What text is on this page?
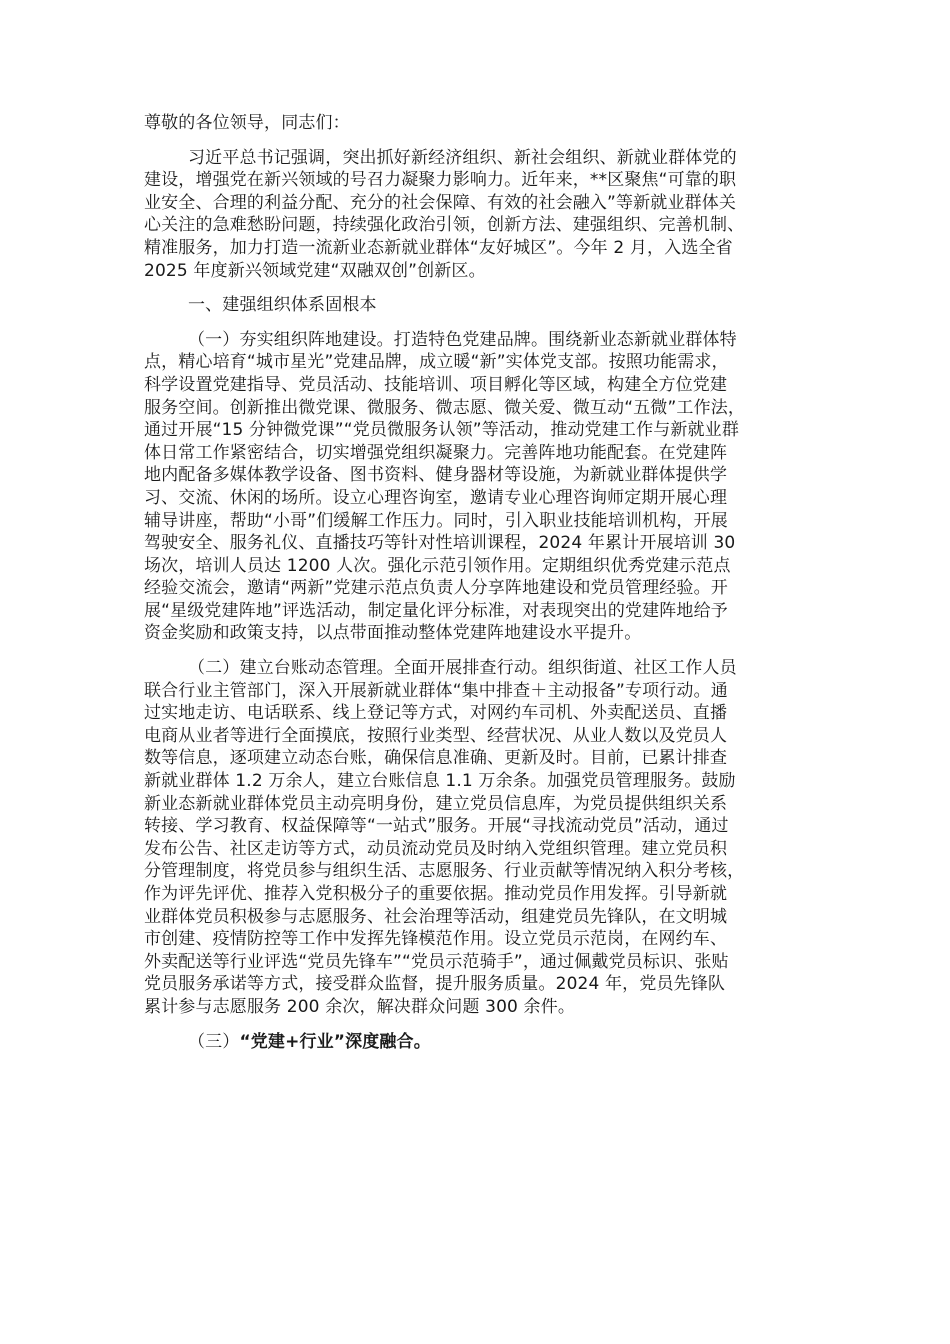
尊敬的各位领导，同志们：
习近平总书记强调，突出抓好新经济组织、新社会组织、新就业群体党的
建设，增强党在新兴领域的号召力凝聚力影响力。近年来，**区聚焦“可靠的职
业安全、合理的利益分配、充分的社会保障、有效的社会融入”等新就业群体关
心关注的急难愁盼问题，持续强化政治引领，创新方法、建强组织、完善机制、
精准服务，加力打造一流新业态新就业群体“友好城区”。今年 2 月，入选全省
2025 年度新兴领域党建“双融双创”创新区。
一、建强组织体系固根本
（一）夯实组织阵地建设。打造特色党建品牌。围绕新业态新就业群体特
点，精心培育“城市星光”党建品牌，成立暖“新”实体党支部。按照功能需求，
科学设置党建指导、党员活动、技能培训、项目孵化等区域，构建全方位党建
服务空间。创新推出微党课、微服务、微志愿、微关爱、微互动“五微”工作法，
通过开展“15 分钟微党课”“党员微服务认领”等活动，推动党建工作与新就业群
体日常工作紧密结合，切实增强党组织凝聚力。完善阵地功能配套。在党建阵
地内配备多媒体教学设备、图书资料、健身器材等设施，为新就业群体提供学
习、交流、休闲的场所。设立心理咨询室，邀请专业心理咨询师定期开展心理
辅导讲座，帮助“小哥”们缓解工作压力。同时，引入职业技能培训机构，开展
驾驶安全、服务礼仪、直播技巧等针对性培训课程，2024 年累计开展培训 30
场次，培训人员达 1200 人次。强化示范引领作用。定期组织优秀党建示范点
经验交流会，邀请“两新”党建示范点负责人分享阵地建设和党员管理经验。开
展“星级党建阵地”评选活动，制定量化评分标准，对表现突出的党建阵地给予
资金奖励和政策支持，以点带面推动整体党建阵地建设水平提升。
（二）建立台账动态管理。全面开展排查行动。组织街道、社区工作人员
联合行业主管部门，深入开展新就业群体“集中排查＋主动报备”专项行动。通
过实地走访、电话联系、线上登记等方式，对网约车司机、外卖配送员、直播
电商从业者等进行全面摸底，按照行业类型、经营状况、从业人数以及党员人
数等信息，逐项建立动态台账，确保信息准确、更新及时。目前，已累计排查
新就业群体 1.2 万余人，建立台账信息 1.1 万余条。加强党员管理服务。鼓励
新业态新就业群体党员主动亮明身份，建立党员信息库，为党员提供组织关系
转接、学习教育、权益保障等“一站式”服务。开展“寻找流动党员”活动，通过
发布公告、社区走访等方式，动员流动党员及时纳入党组织管理。建立党员积
分管理制度，将党员参与组织生活、志愿服务、行业贡献等情况纳入积分考核，
作为评先评优、推荐入党积极分子的重要依据。推动党员作用发挥。引导新就
业群体党员积极参与志愿服务、社会治理等活动，组建党员先锋队，在文明城
市创建、疫情防控等工作中发挥先锋模范作用。设立党员示范岗，在网约车、
外卖配送等行业评选“党员先锋车”“党员示范骑手”，通过佩戴党员标识、张贴
党员服务承诺等方式，接受群众监督，提升服务质量。2024 年，党员先锋队
累计参与志愿服务 200 余次，解决群众问题 300 余件。
（三）“党建+行业”深度融合。
